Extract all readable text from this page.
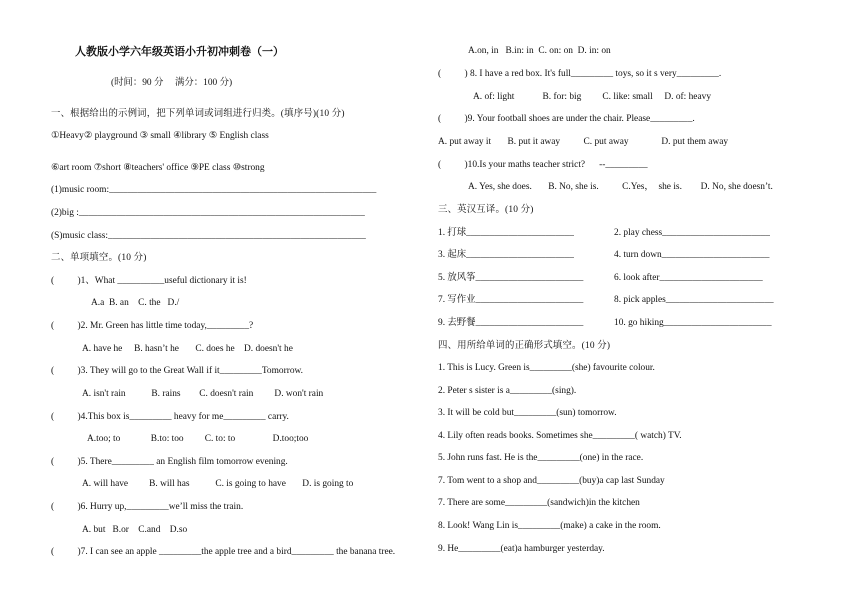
人教版小学六年级英语小升初冲刺卷（一）
(时间：90 分     满分：100 分)
一、根据给出的示例词，把下列单词或词组进行归类。(填序号)(10 分)
①Heavy② playground ③ small ④library ⑤ English class
⑥art room ⑦short ⑧teachers' office ⑨PE class ⑩strong
(1)music room:_________________________________________________________
(2)big :_____________________________________________________________
(S)music class:_______________________________________________________
二、单项填空。(10 分)
(          )1、What __________useful dictionary it is!
A.a  B. an    C. the   D./
(          )2. Mr. Green has little time today,_________?
A. have he     B. hasn’t he       C. does he    D. doesn't he
(          )3. They will go to the Great Wall if it_________Tomorrow.
A. isn't rain           B. rains        C. doesn't rain         D. won't rain
(          )4.This box is_________ heavy for me_________ carry.
A.too; to             B.to: too         C. to: to                D.too;too
(          )5. There_________ an English film tomorrow evening.
A. will have         B. will has           C. is going to have       D. is going to
(          )6. Hurry up,_________we’ll miss the train.
A. but   B.or    C.and    D.so
(          )7. I can see an apple _________the apple tree and a bird_________ the banana tree.
A.on, in   B.in: in  C. on: on  D. in: on
(          ) 8. I have a red box. It's full_________ toys, so it s very_________.
A. of: light            B. for: big         C. like: small     D. of: heavy
(          )9. Your football shoes are under the chair. Please_________.
A. put away it       B. put it away          C. put away              D. put them away
(          )10.Is your maths teacher strict?      --_________
A. Yes, she does.       B. No, she is.          C.Yes，  she is.        D. No, she doesn’t.
三、英汉互译。(10 分)
1. 打球_______________________	2. play chess_______________________
3. 起床_______________________	4. turn down_______________________
5. 放风筝_______________________	6. look after______________________
7. 写作业_______________________	8. pick apples_______________________
9. 去野餐_______________________	10. go hiking_______________________
四、用所给单词的正确形式填空。(10 分)
1. This is Lucy. Green is_________(she) favourite colour.
2. Peter s sister is a_________(sing).
3. It will be cold but_________(sun) tomorrow.
4. Lily often reads books. Sometimes she_________( watch) TV.
5. John runs fast. He is the_________(one) in the race.
7. Tom went to a shop and_________(buy)a cap last Sunday
7. There are some_________(sandwich)in the kitchen
8. Look! Wang Lin is_________(make) a cake in the room.
9. He_________(eat)a hamburger yesterday.
